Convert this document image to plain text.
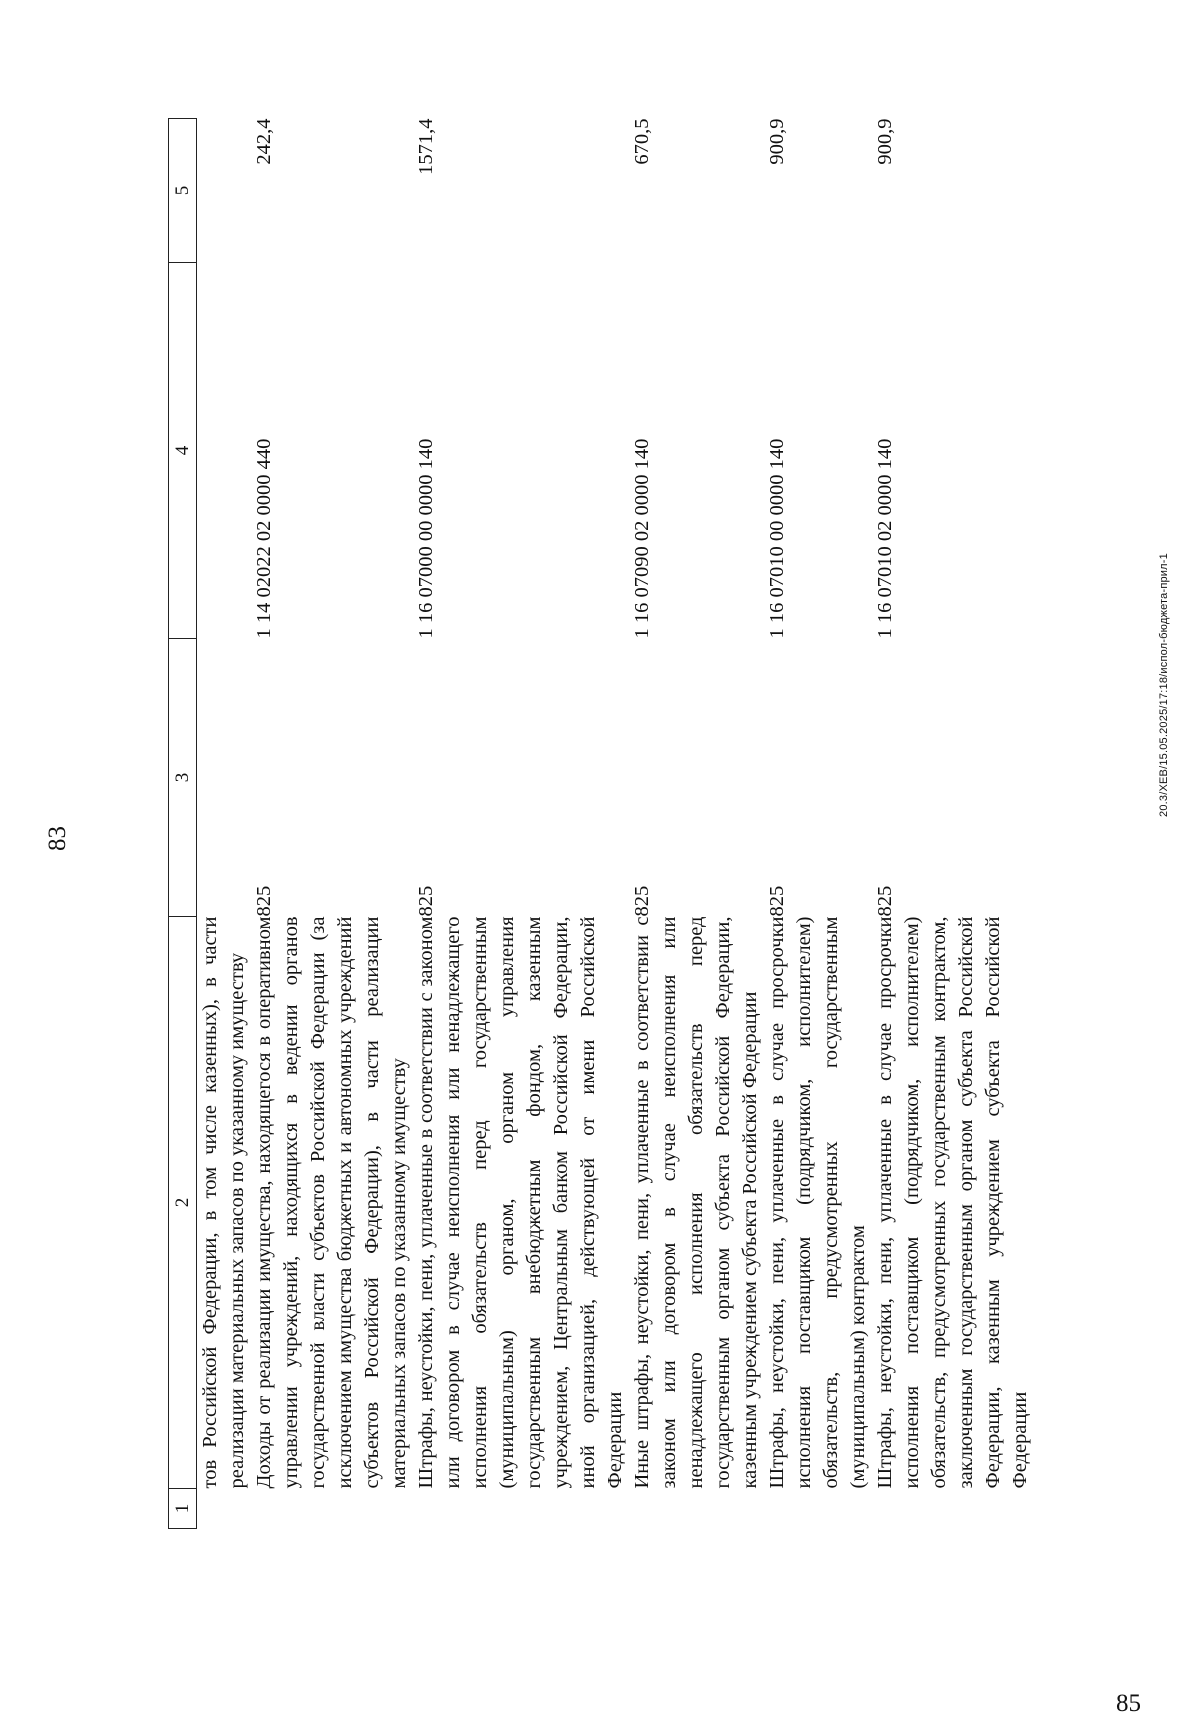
83
1	2	3	4	5
	тов Российской Федерации, в том числе казенных), в части реализации материальных запасов по указанному имуществу			
	Доходы от реализации имущества, находящегося в оперативном управлении учреждений, находящихся в ведении органов государственной власти субъектов Российской Федерации (за исключением имущества бюджетных и автономных учреждений субъектов Российской Федерации), в части реализации материальных запасов по указанному имуществу	825	1 14 02022 02 0000 440	242,4
	Штрафы, неустойки, пени, уплаченные в соответствии с законом или договором в случае неисполнения или ненадлежащего исполнения обязательств перед государственным (муниципальным) органом, органом управления государственным внебюджетным фондом, казенным учреждением, Центральным банком Российской Федерации, иной организацией, действующей от имени Российской Федерации	825	1 16 07000 00 0000 140	1571,4
	Иные штрафы, неустойки, пени, уплаченные в соответствии с законом или договором в случае неисполнения или ненадлежащего исполнения обязательств перед государственным органом субъекта Российской Федерации, казенным учреждением субъекта Российской Федерации	825	1 16 07090 02 0000 140	670,5
	Штрафы, неустойки, пени, уплаченные в случае просрочки исполнения поставщиком (подрядчиком, исполнителем) обязательств, предусмотренных государственным (муниципальным) контрактом	825	1 16 07010 00 0000 140	900,9
	Штрафы, неустойки, пени, уплаченные в случае просрочки исполнения поставщиком (подрядчиком, исполнителем) обязательств, предусмотренных государственным контрактом, заключенным государственным органом субъекта Российской Федерации, казенным учреждением субъекта Российской Федерации	825	1 16 07010 02 0000 140	900,9
20.3/ХЕВ/15.05.2025/17:18/испол-бюджета-прил-1
85
